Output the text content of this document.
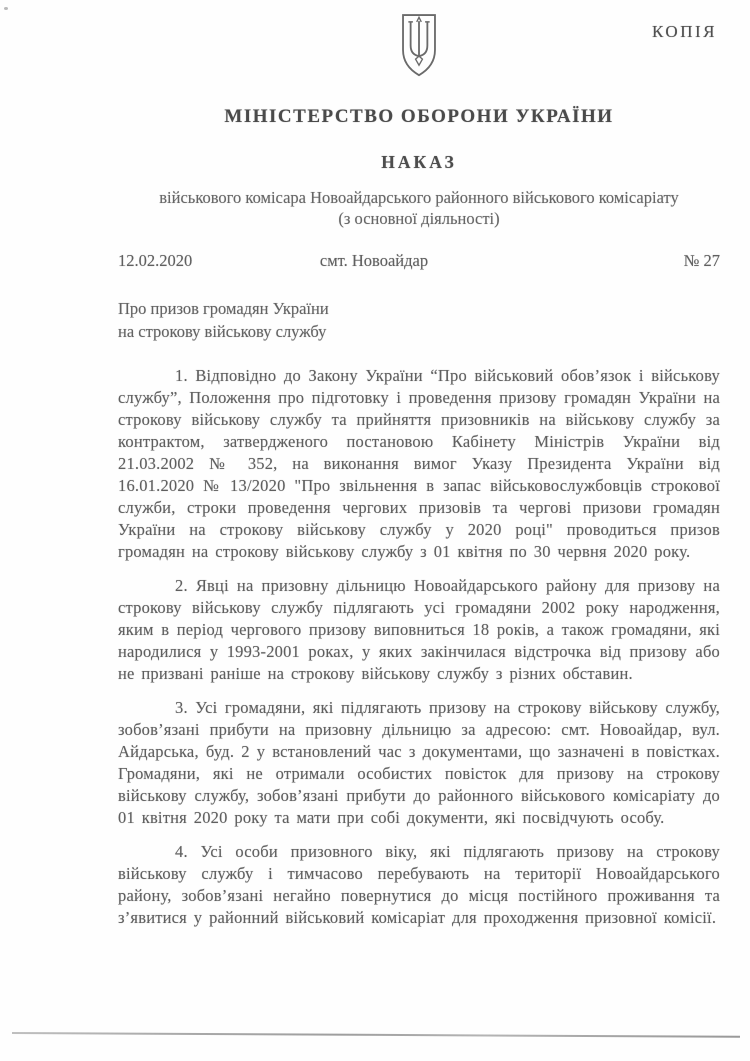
КОПІЯ
МІНІСТЕРСТВО ОБОРОНИ УКРАЇНИ
НАКАЗ
військового комісара Новоайдарського районного військового комісаріату
(з основної діяльності)
12.02.2020	смт. Новоайдар	№ 27
Про призов громадян України
на строкову військову службу

1. Відповідно до Закону України “Про військовий обов’язок і військову службу”, Положення про підготовку і проведення призову громадян України на строкову військову службу та прийняття призовників на військову службу за контрактом, затвердженого постановою Кабінету Міністрів України від 21.03.2002 № 352, на виконання вимог Указу Президента України від 16.01.2020 № 13/2020 "Про звільнення в запас військовослужбовців строкової служби, строки проведення чергових призовів та чергові призови громадян України на строкову військову службу у 2020 році" проводиться призов громадян на строкову військову службу з 01 квітня по 30 червня 2020 року.

2. Явці на призовну дільницю Новоайдарського району для призову на строкову військову службу підлягають усі громадяни 2002 року народження, яким в період чергового призову виповниться 18 років, а також громадяни, які народилися у 1993-2001 роках, у яких закінчилася відстрочка від призову або не призвані раніше на строкову військову службу з різних обставин.

3. Усі громадяни, які підлягають призову на строкову військову службу, зобов’язані прибути на призовну дільницю за адресою: смт. Новоайдар, вул. Айдарська, буд. 2 у встановлений час з документами, що зазначені в повістках. Громадяни, які не отримали особистих повісток для призову на строкову військову службу, зобов’язані прибути до районного військового комісаріату до 01 квітня 2020 року та мати при собі документи, які посвідчують особу.

4. Усі особи призовного віку, які підлягають призову на строкову військову службу і тимчасово перебувають на території Новоайдарського району, зобов’язані негайно повернутися до місця постійного проживання та з’явитися у районний військовий комісаріат для проходження призовної комісії.
